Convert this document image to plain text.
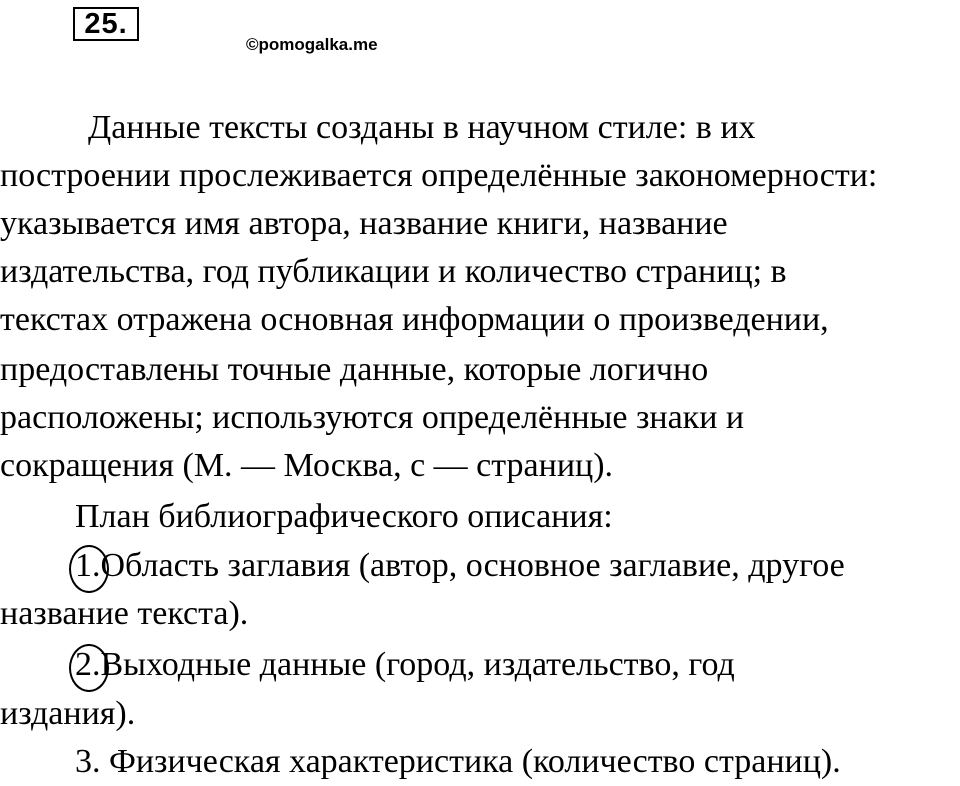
25.
©pomogalka.me
Данные тексты созданы в научном стиле: в их
построении прослеживается определённые закономерности:
указывается имя автора, название книги, название
издательства, год публикации и количество страниц; в
текстах отражена основная информации о произведении,
предоставлены точные данные, которые логично
расположены; используются определённые знаки и
сокращения (М. — Москва, с — страниц).
План библиографического описания:
1.Область заглавия (автор, основное заглавие, другое
название текста).
2.Выходные данные (город, издательство, год
издания).
3. Физическая характеристика (количество страниц).
